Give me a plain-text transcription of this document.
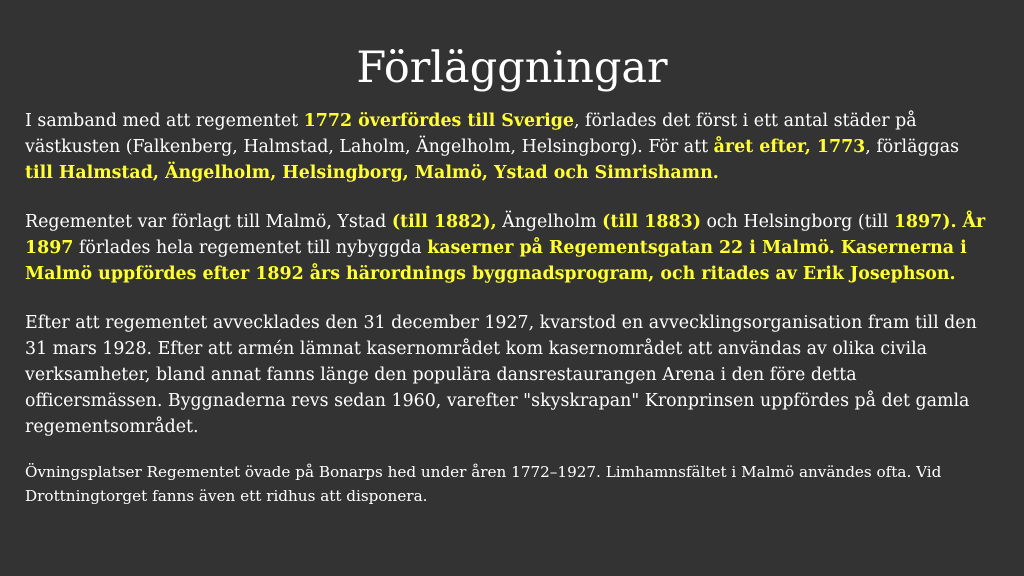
Förläggningar

I samband med att regementet 1772 överfördes till Sverige, förlades det först i ett antal städer på västkusten (Falkenberg, Halmstad, Laholm, Ängelholm, Helsingborg). För att året efter, 1773, förläggas till Halmstad, Ängelholm, Helsingborg, Malmö, Ystad och Simrishamn.

Regementet var förlagt till Malmö, Ystad (till 1882), Ängelholm (till 1883) och Helsingborg (till 1897). År 1897 förlades hela regementet till nybyggda kaserner på Regementsgatan 22 i Malmö. Kasernerna i Malmö uppfördes efter 1892 års härordnings byggnadsprogram, och ritades av Erik Josephson.

Efter att regementet avvecklades den 31 december 1927, kvarstod en avvecklingsorganisation fram till den 31 mars 1928. Efter att armén lämnat kasernområdet kom kasernområdet att användas av olika civila verksamheter, bland annat fanns länge den populära dansrestaurangen Arena i den före detta officersmässen. Byggnaderna revs sedan 1960, varefter "skyskrapan" Kronprinsen uppfördes på det gamla regementsområdet.

Övningsplatser Regementet övade på Bonarps hed under åren 1772–1927. Limhamnsfältet i Malmö användes ofta. Vid Drottningtorget fanns även ett ridhus att disponera.
